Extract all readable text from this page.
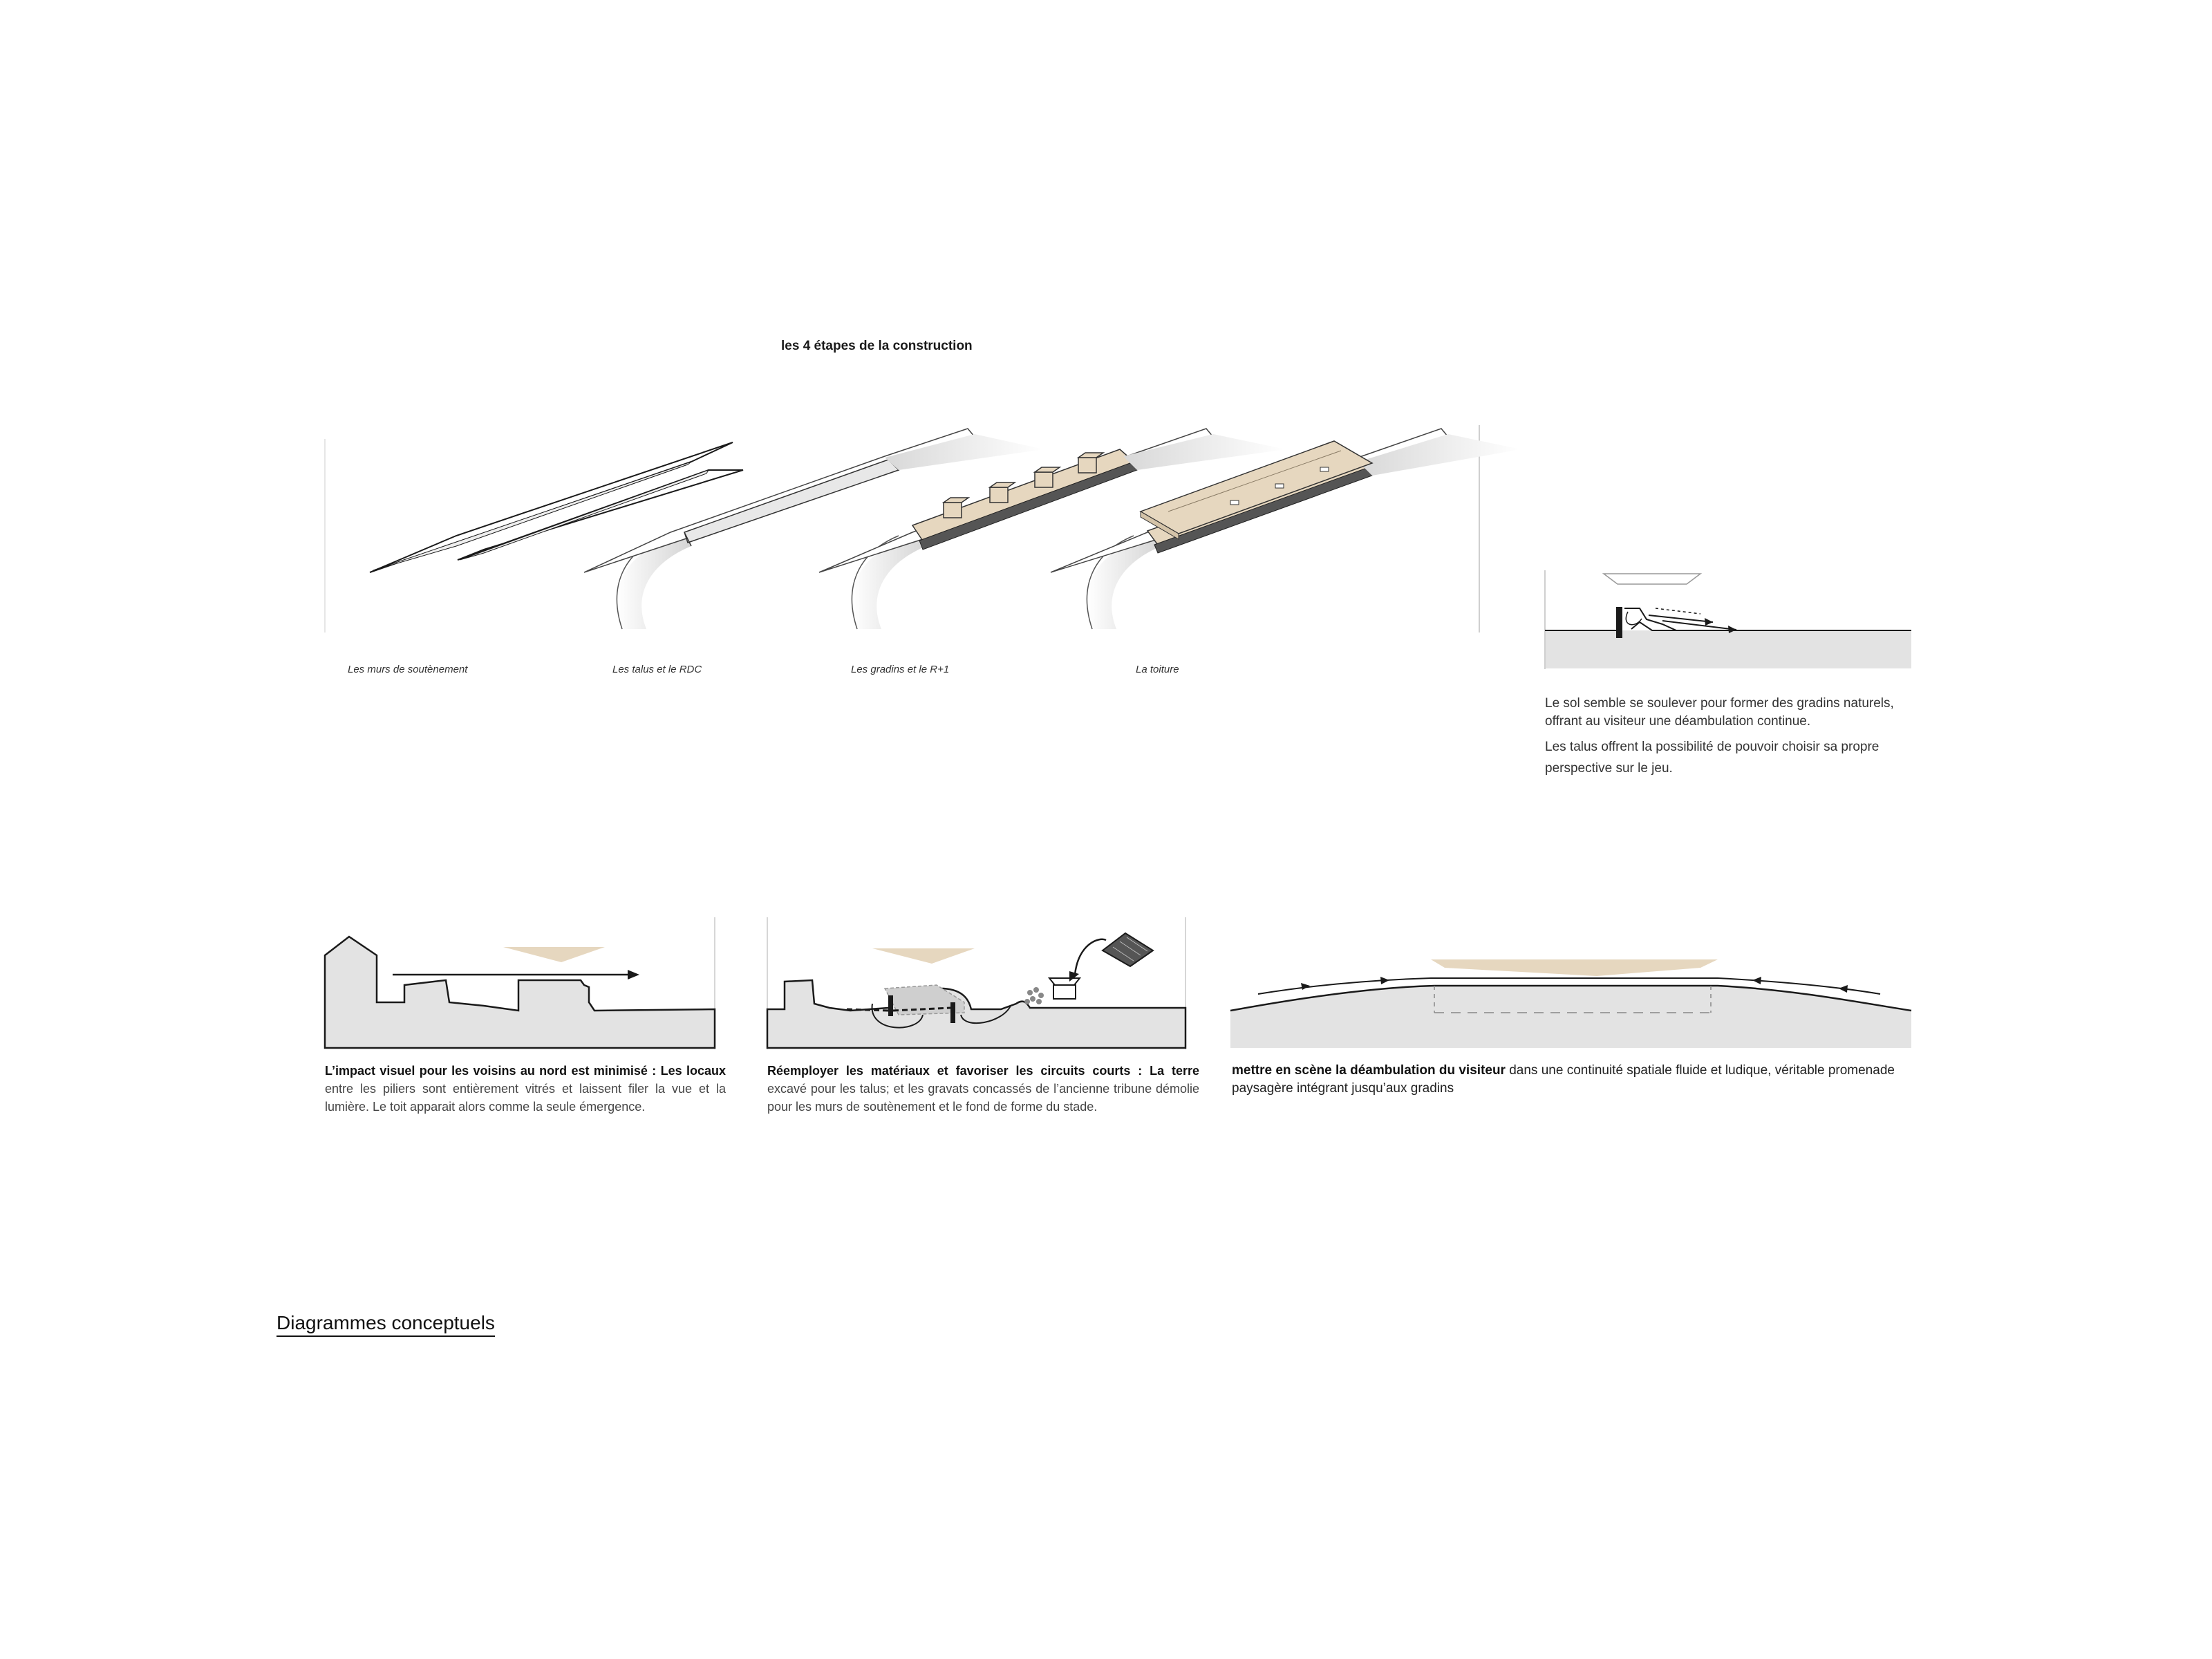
les 4 étapes de la construction
Les murs de soutènement	Les talus et le RDC	Les gradins et le R+1	La toiture
Le sol semble se soulever pour former des gradins naturels, offrant au visiteur une déambulation continue.
Les talus offrent la possibilité de pouvoir choisir sa propre perspective sur le jeu.
L’impact visuel pour les voisins au nord est minimisé : Les locaux entre les piliers sont entièrement vitrés et laissent filer la vue et la lumière. Le toit apparait alors comme la seule émergence.
Réemployer les matériaux et favoriser les circuits courts : La terre excavé pour les talus; et les gravats concassés de l’ancienne tribune démolie pour les murs de soutènement et le fond de forme du stade.
mettre en scène la déambulation du visiteur dans une continuité spatiale fluide et ludique, véritable promenade paysagère intégrant jusqu’aux gradins
Diagrammes conceptuels
